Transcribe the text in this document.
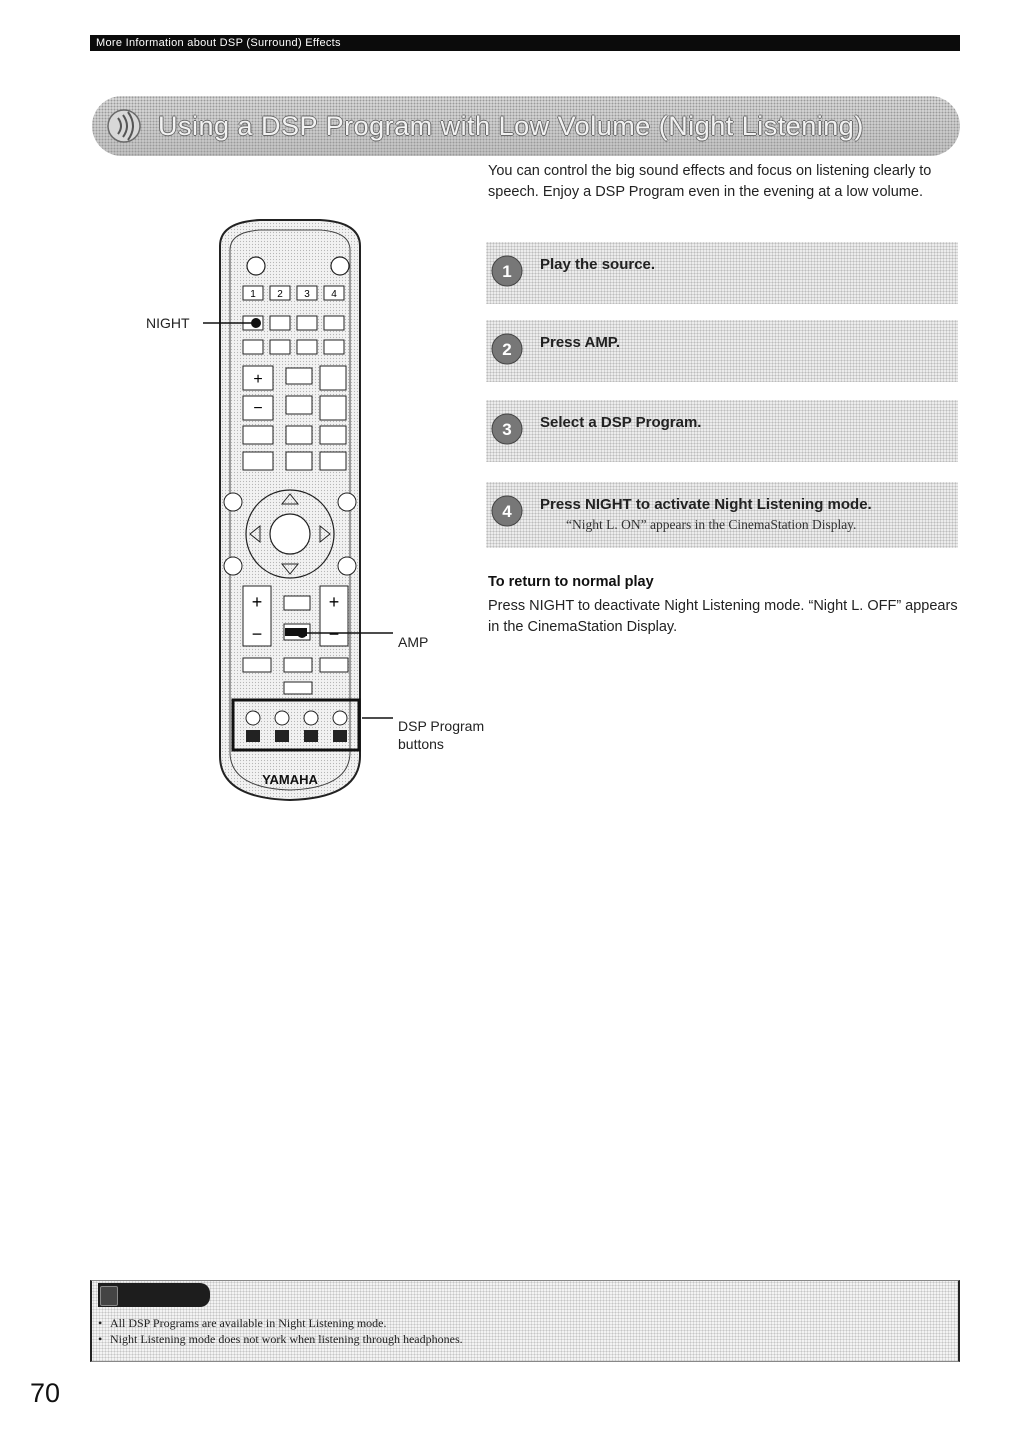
More Information about DSP (Surround) Effects
Using a DSP Program with Low Volume (Night Listening)
You can control the big sound effects and focus on listening clearly to speech. Enjoy a DSP Program even in the evening at a low volume.
1 Play the source.
2 Press AMP.
3 Select a DSP Program.
4 Press NIGHT to activate Night Listening mode.
“Night L. ON” appears in the CinemaStation Display.
To return to normal play
Press NIGHT to deactivate Night Listening mode. “Night L. OFF” appears in the CinemaStation Display.
1 2 3 4
+
−
+
−
+
−
YAMAHA
NIGHT
AMP
DSP Program
buttons
• All DSP Programs are available in Night Listening mode.
• Night Listening mode does not work when listening through headphones.
70
